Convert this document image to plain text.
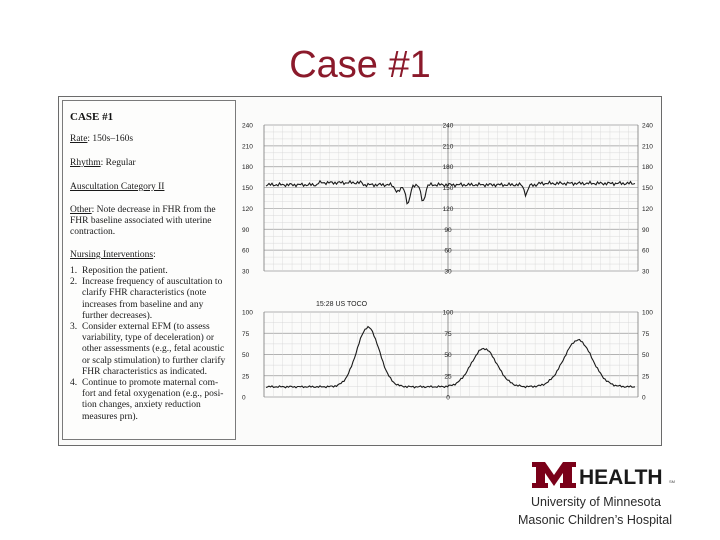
Case #1
CASE #1
Rate: 150s–160s
Rhythm: Regular
Auscultation Category II
Other: Note decrease in FHR from the
FHR baseline associated with uterine
contraction.
Nursing Interventions:
1. Reposition the patient.
2. Increase frequency of auscultation to
clarify FHR characteristics (note
increases from baseline and any
further decreases).
3. Consider external EFM (to assess
variability, type of deceleration) or
other assessments (e.g., fetal acoustic
or scalp stimulation) to further clarify
FHR characteristics as indicated.
4. Continue to promote maternal com-
fort and fetal oxygenation (e.g., posi-
tion changes, anxiety reduction
measures prn).
240	240	240
210	210	210
180	180	180
150	150	150
120	120	120
90	90	90
60	60	60
30	30	30
100	100	100
75	75	75
50	50	50
25	25	25
0	0	0
15:28 US TOCO
HEALTH SM
University of Minnesota
Masonic Children’s Hospital
